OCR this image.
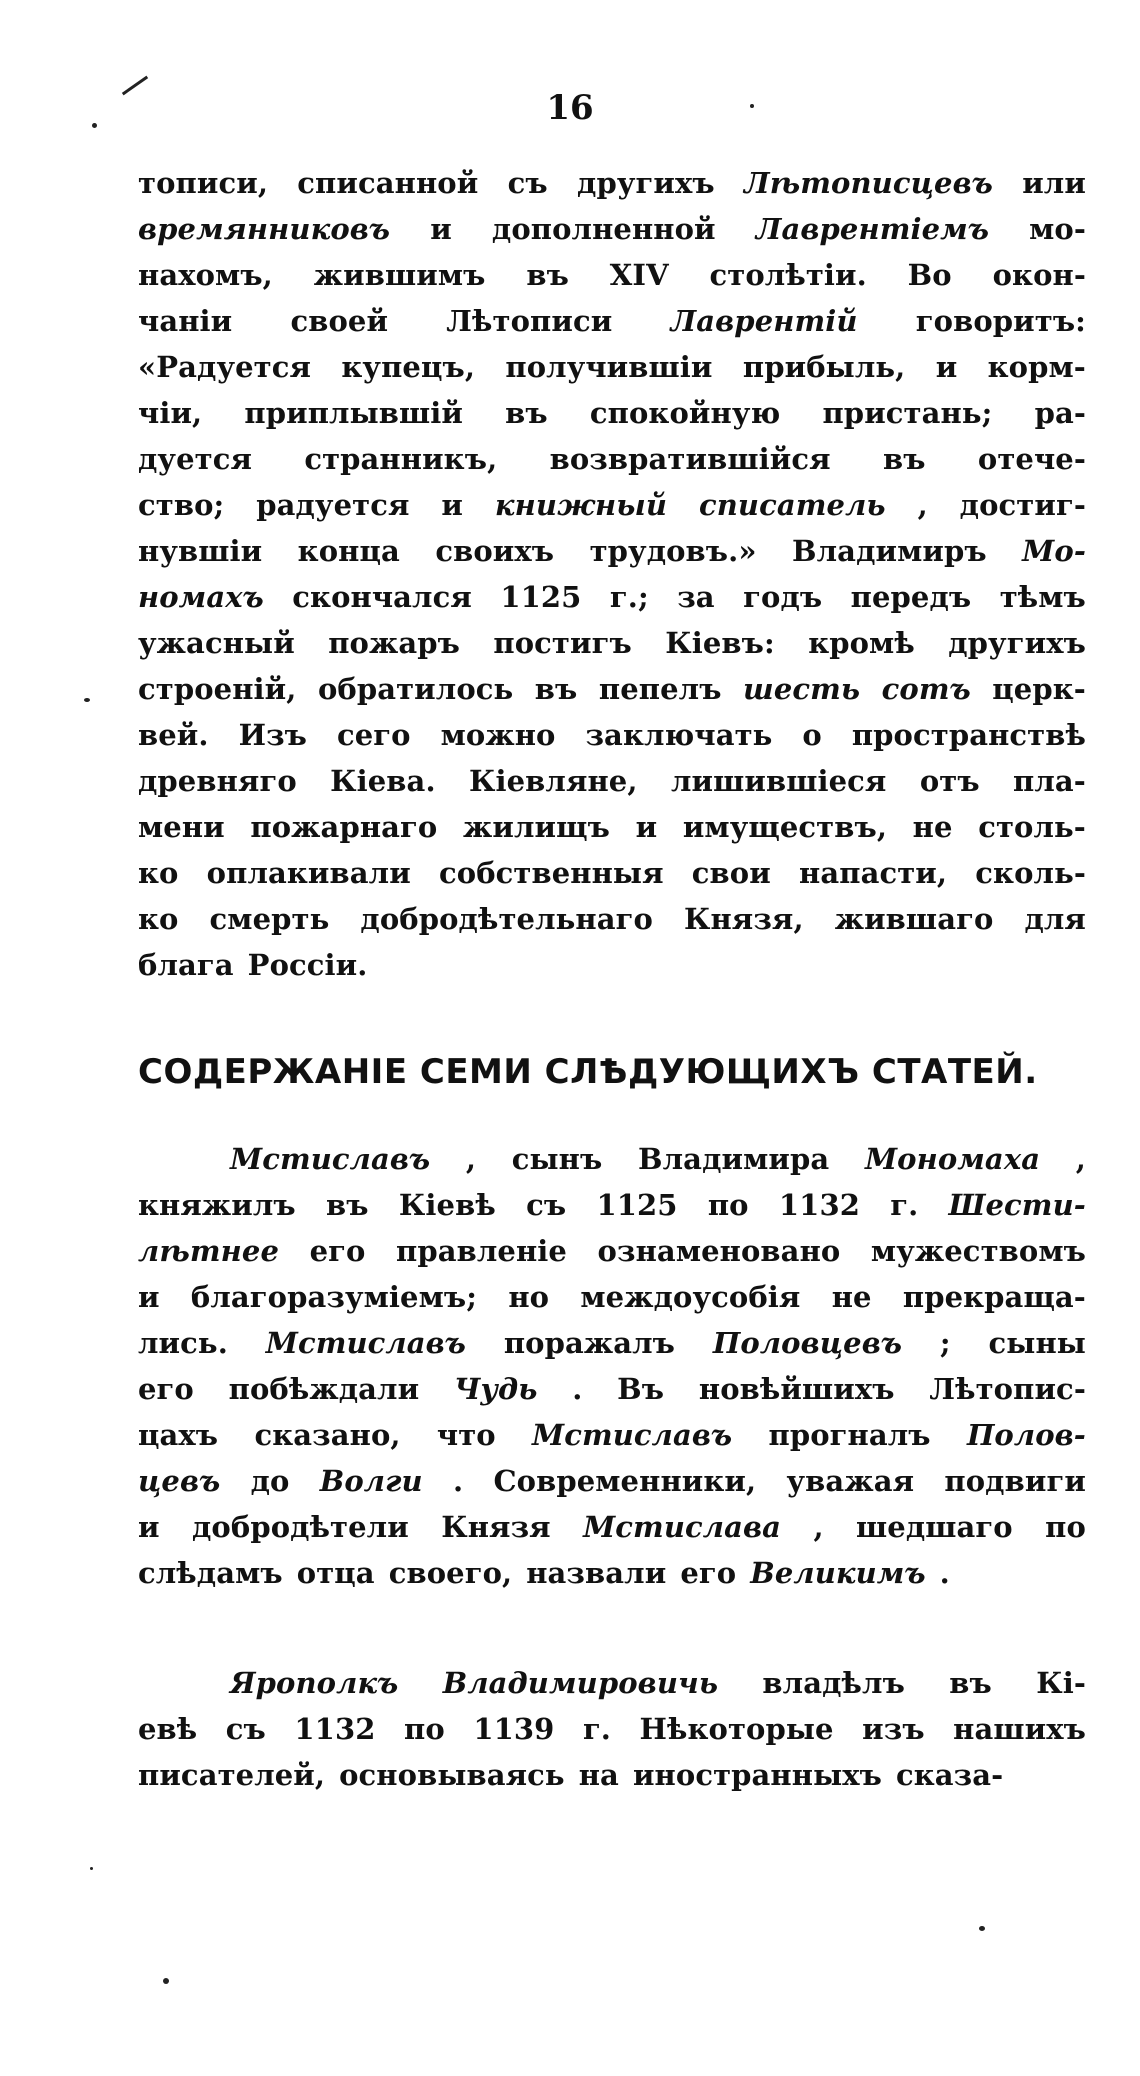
16
тописи, списанной съ другихъ Лѣтописцевъ или
времянниковъ и дополненной Лаврентіемъ мо-
нахомъ, жившимъ въ XIV столѣтіи. Во окон-
чаніи своей Лѣтописи Лаврентій говоритъ:
«Радуется купецъ, получившіи прибыль, и корм-
чіи, приплывшій въ спокойную пристань; ра-
дуется странникъ, возвратившійся въ отече-
ство; радуется и книжный списатель , достиг-
нувшіи конца своихъ трудовъ.» Владимиръ Мо-
номахъ скончался 1125 г.; за годъ передъ тѣмъ
ужасный пожаръ постигъ Кіевъ: кромѣ другихъ
строеній, обратилось въ пепелъ шесть сотъ церк-
вей. Изъ сего можно заключать о пространствѣ
древняго Кіева. Кіевляне, лишившіеся отъ пла-
мени пожарнаго жилищъ и имуществъ, не столь-
ко оплакивали собственныя свои напасти, сколь-
ко смерть добродѣтельнаго Князя, жившаго для
блага Россіи.
СОДЕРЖАНІЕ СЕМИ СЛѢДУЮЩИХЪ СТАТЕЙ.
Мстиславъ , сынъ Владимира Мономаха ,
княжилъ въ Кіевѣ съ 1125 по 1132 г. Шести-
лѣтнее его правленіе ознаменовано мужествомъ
и благоразуміемъ; но междоусобія не прекраща-
лись. Мстиславъ поражалъ Половцевъ ; сыны
его побѣждали Чудь . Въ новѣйшихъ Лѣтопис-
цахъ сказано, что Мстиславъ прогналъ Полов-
цевъ до Волги . Современники, уважая подвиги
и добродѣтели Князя Мстислава , шедшаго по
слѣдамъ отца своего, назвали его Великимъ .
Ярополкъ Владимировичь владѣлъ въ Кі-
евѣ съ 1132 по 1139 г. Нѣкоторые изъ нашихъ
писателей, основываясь на иностранныхъ сказа-
